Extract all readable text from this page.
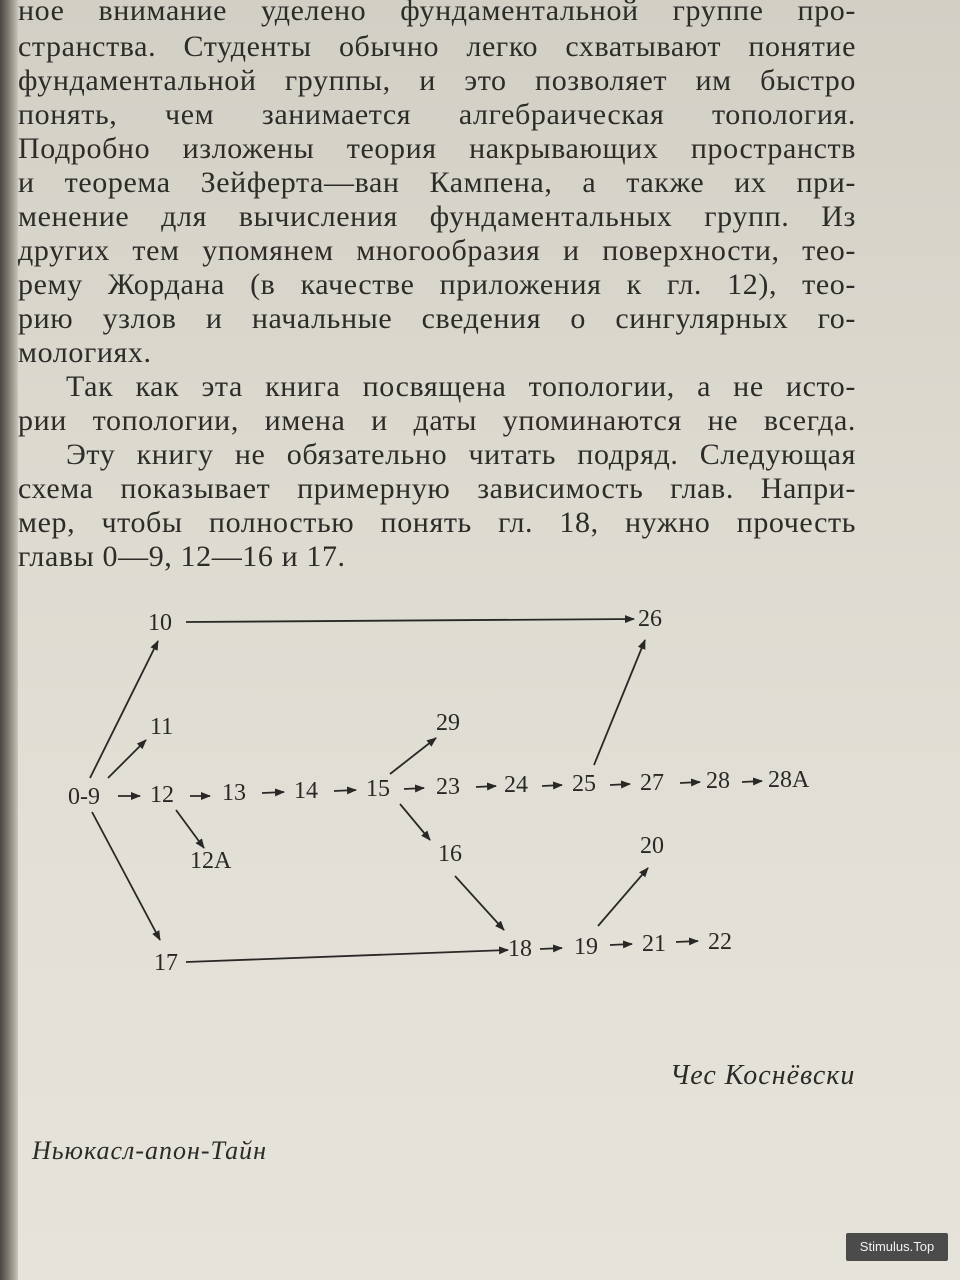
ное внимание уделено фундаментальной группе про-
странства. Студенты обычно легко схватывают понятие
фундаментальной группы, и это позволяет им быстро
понять, чем занимается алгебраическая топология.
Подробно изложены теория накрывающих пространств
и теорема Зейферта—ван Кампена, а также их при-
менение для вычисления фундаментальных групп. Из
других тем упомянем многообразия и поверхности, тео-
рему Жордана (в качестве приложения к гл. 12), тео-
рию узлов и начальные сведения о сингулярных го-
мологиях.
Так как эта книга посвящена топологии, а не исто-
рии топологии, имена и даты упоминаются не всегда.
Эту книгу не обязательно читать подряд. Следующая
схема показывает примерную зависимость глав. Напри-
мер, чтобы полностью понять гл. 18, нужно прочесть
главы 0—9, 12—16 и 17.
10	26
11	29
0-9 12 13 14 15 23 24 25 27 28 28A
12A	16	20
17
18 19 21 22
Чес Коснёвски
Ньюкасл-апон-Тайн
Stimulus.Top
